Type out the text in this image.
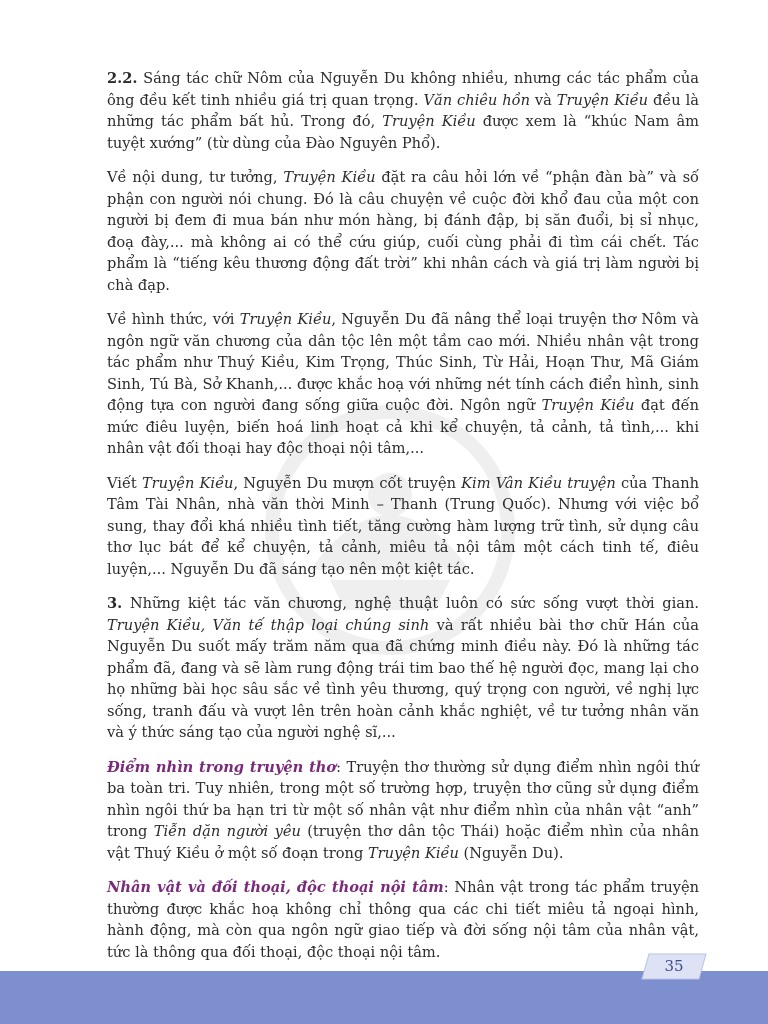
2.2. Sáng tác chữ Nôm của Nguyễn Du không nhiều, nhưng các tác phẩm của ông đều kết tinh nhiều giá trị quan trọng. Văn chiêu hồn và Truyện Kiều đều là những tác phẩm bất hủ. Trong đó, Truyện Kiều được xem là “khúc Nam âm tuyệt xướng” (từ dùng của Đào Nguyên Phổ).

Về nội dung, tư tưởng, Truyện Kiều đặt ra câu hỏi lớn về “phận đàn bà” và số phận con người nói chung. Đó là câu chuyện về cuộc đời khổ đau của một con người bị đem đi mua bán như món hàng, bị đánh đập, bị săn đuổi, bị sỉ nhục, đoạ đày,... mà không ai có thể cứu giúp, cuối cùng phải đi tìm cái chết. Tác phẩm là “tiếng kêu thương động đất trời” khi nhân cách và giá trị làm người bị chà đạp.

Về hình thức, với Truyện Kiều, Nguyễn Du đã nâng thể loại truyện thơ Nôm và ngôn ngữ văn chương của dân tộc lên một tầm cao mới. Nhiều nhân vật trong tác phẩm như Thuý Kiều, Kim Trọng, Thúc Sinh, Từ Hải, Hoạn Thư, Mã Giám Sinh, Tú Bà, Sở Khanh,... được khắc hoạ với những nét tính cách điển hình, sinh động tựa con người đang sống giữa cuộc đời. Ngôn ngữ Truyện Kiều đạt đến mức điêu luyện, biến hoá linh hoạt cả khi kể chuyện, tả cảnh, tả tình,... khi nhân vật đối thoại hay độc thoại nội tâm,...

Viết Truyện Kiều, Nguyễn Du mượn cốt truyện Kim Vân Kiều truyện của Thanh Tâm Tài Nhân, nhà văn thời Minh – Thanh (Trung Quốc). Nhưng với việc bổ sung, thay đổi khá nhiều tình tiết, tăng cường hàm lượng trữ tình, sử dụng câu thơ lục bát để kể chuyện, tả cảnh, miêu tả nội tâm một cách tinh tế, điêu luyện,... Nguyễn Du đã sáng tạo nên một kiệt tác.

3. Những kiệt tác văn chương, nghệ thuật luôn có sức sống vượt thời gian. Truyện Kiều, Văn tế thập loại chúng sinh và rất nhiều bài thơ chữ Hán của Nguyễn Du suốt mấy trăm năm qua đã chứng minh điều này. Đó là những tác phẩm đã, đang và sẽ làm rung động trái tim bao thế hệ người đọc, mang lại cho họ những bài học sâu sắc về tình yêu thương, quý trọng con người, về nghị lực sống, tranh đấu và vượt lên trên hoàn cảnh khắc nghiệt, về tư tưởng nhân văn và ý thức sáng tạo của người nghệ sĩ,...

Điểm nhìn trong truyện thơ: Truyện thơ thường sử dụng điểm nhìn ngôi thứ ba toàn tri. Tuy nhiên, trong một số trường hợp, truyện thơ cũng sử dụng điểm nhìn ngôi thứ ba hạn tri từ một số nhân vật như điểm nhìn của nhân vật “anh” trong Tiễn dặn người yêu (truyện thơ dân tộc Thái) hoặc điểm nhìn của nhân vật Thuý Kiều ở một số đoạn trong Truyện Kiều (Nguyễn Du).

Nhân vật và đối thoại, độc thoại nội tâm: Nhân vật trong tác phẩm truyện thường được khắc hoạ không chỉ thông qua các chi tiết miêu tả ngoại hình, hành động, mà còn qua ngôn ngữ giao tiếp và đời sống nội tâm của nhân vật, tức là thông qua đối thoại, độc thoại nội tâm.

35
